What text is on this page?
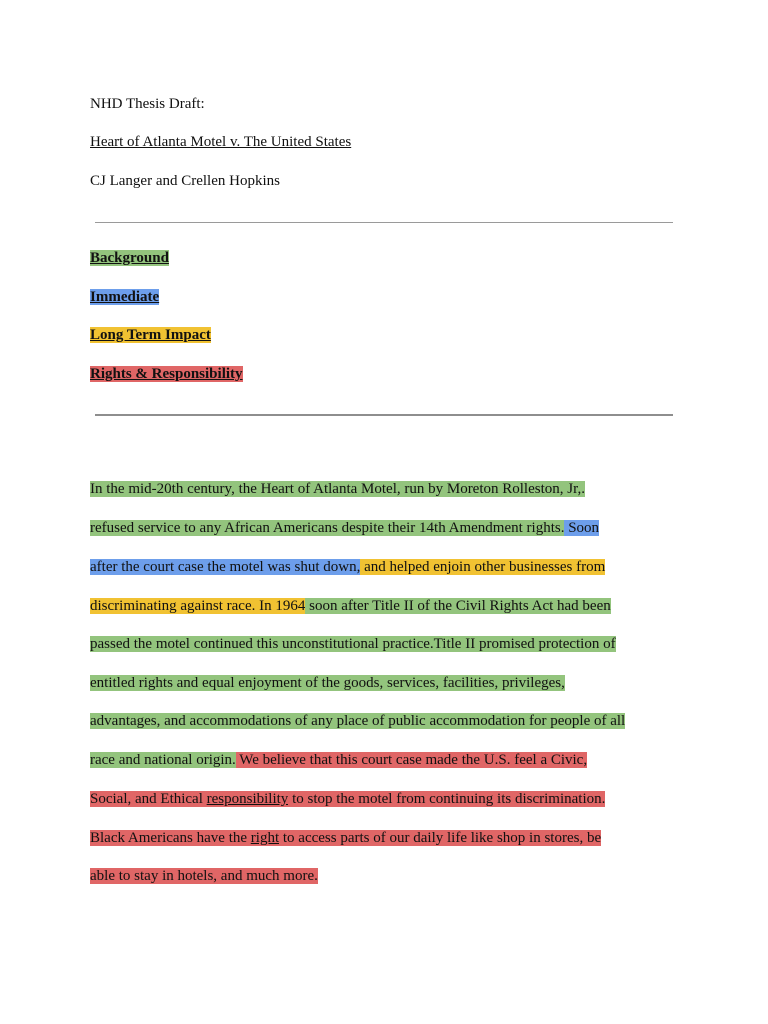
NHD Thesis Draft:
Heart of Atlanta Motel v. The United States
CJ Langer and Crellen Hopkins
Background
Immediate
Long Term Impact
Rights & Responsibility
In the mid-20th century, the Heart of Atlanta Motel, run by Moreton Rolleston, Jr,.
refused service to any African Americans despite their 14th Amendment rights. Soon
after the court case the motel was shut down, and helped enjoin other businesses from
discriminating against race. In 1964 soon after Title II of the Civil Rights Act had been
passed the motel continued this unconstitutional practice.Title II promised protection of
entitled rights and equal enjoyment of the goods, services, facilities, privileges,
advantages, and accommodations of any place of public accommodation for people of all
race and national origin. We believe that this court case made the U.S. feel a Civic,
Social, and Ethical responsibility to stop the motel from continuing its discrimination.
Black Americans have the right to access parts of our daily life like shop in stores, be
able to stay in hotels, and much more.
